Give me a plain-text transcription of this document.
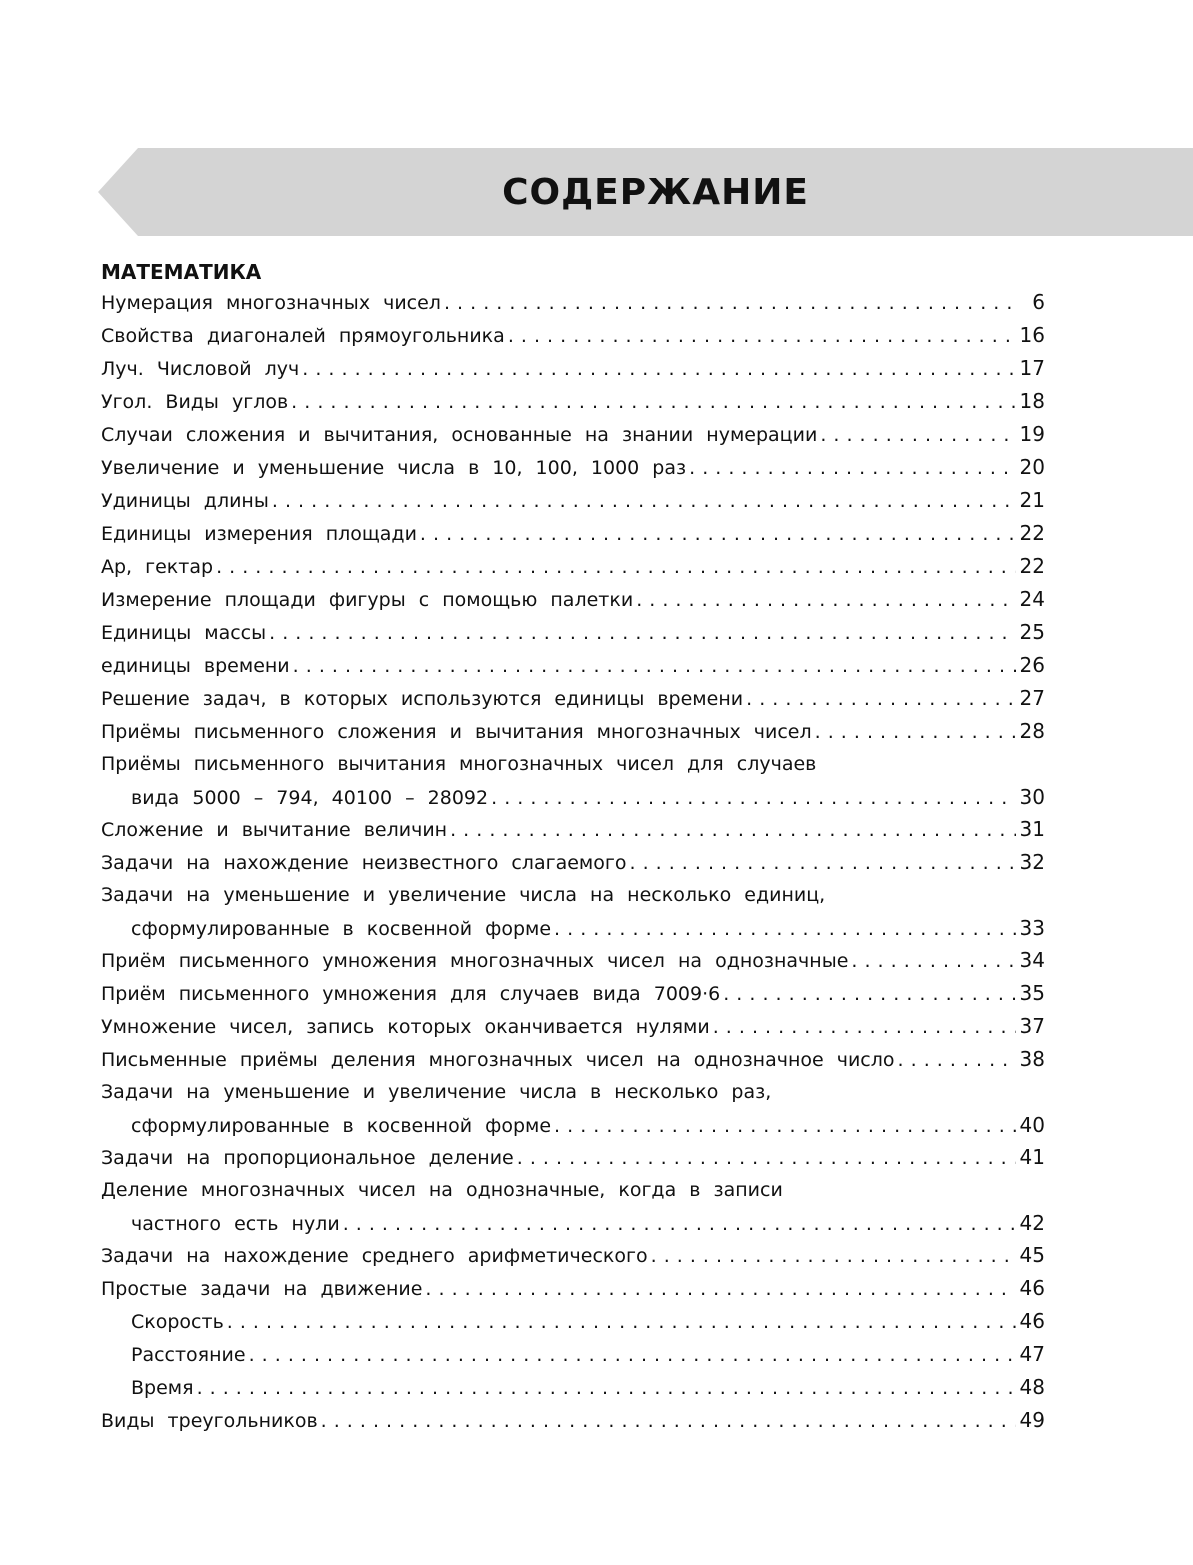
СОДЕРЖАНИЕ
МАТЕМАТИКА
Нумерация многозначных чисел . . .	6
Свойства диагоналей прямоугольника . . .	16
Луч. Числовой луч . . .	17
Угол. Виды углов . . .	18
Случаи сложения и вычитания, основанные на знании нумерации . . .	19
Увеличение и уменьшение числа в 10, 100, 1000 раз . . .	20
Удиницы длины . . .	21
Единицы измерения площади . . .	22
Ар, гектар . . .	22
Измерение площади фигуры с помощью палетки . . .	24
Единицы массы . . .	25
единицы времени . . .	26
Решение задач, в которых используются единицы времени . . .	27
Приёмы письменного сложения и вычитания многозначных чисел . . .	28
Приёмы письменного вычитания многозначных чисел для случаев
вида 5000 – 794, 40100 – 28092 . . .	30
Сложение и вычитание величин . . .	31
Задачи на нахождение неизвестного слагаемого . . .	32
Задачи на уменьшение и увеличение числа на несколько единиц,
сформулированные в косвенной форме . . .	33
Приём письменного умножения многозначных чисел на однозначные . . .	34
Приём письменного умножения для случаев вида 7009·6 . . .	35
Умножение чисел, запись которых оканчивается нулями . . .	37
Письменные приёмы деления многозначных чисел на однозначное число . . .	38
Задачи на уменьшение и увеличение числа в несколько раз,
сформулированные в косвенной форме . . .	40
Задачи на пропорциональное деление . . .	41
Деление многозначных чисел на однозначные, когда в записи
частного есть нули . . .	42
Задачи на нахождение среднего арифметического . . .	45
Простые задачи на движение . . .	46
Скорость . . .	46
Расстояние . . .	47
Время . . .	48
Виды треугольников . . .	49
